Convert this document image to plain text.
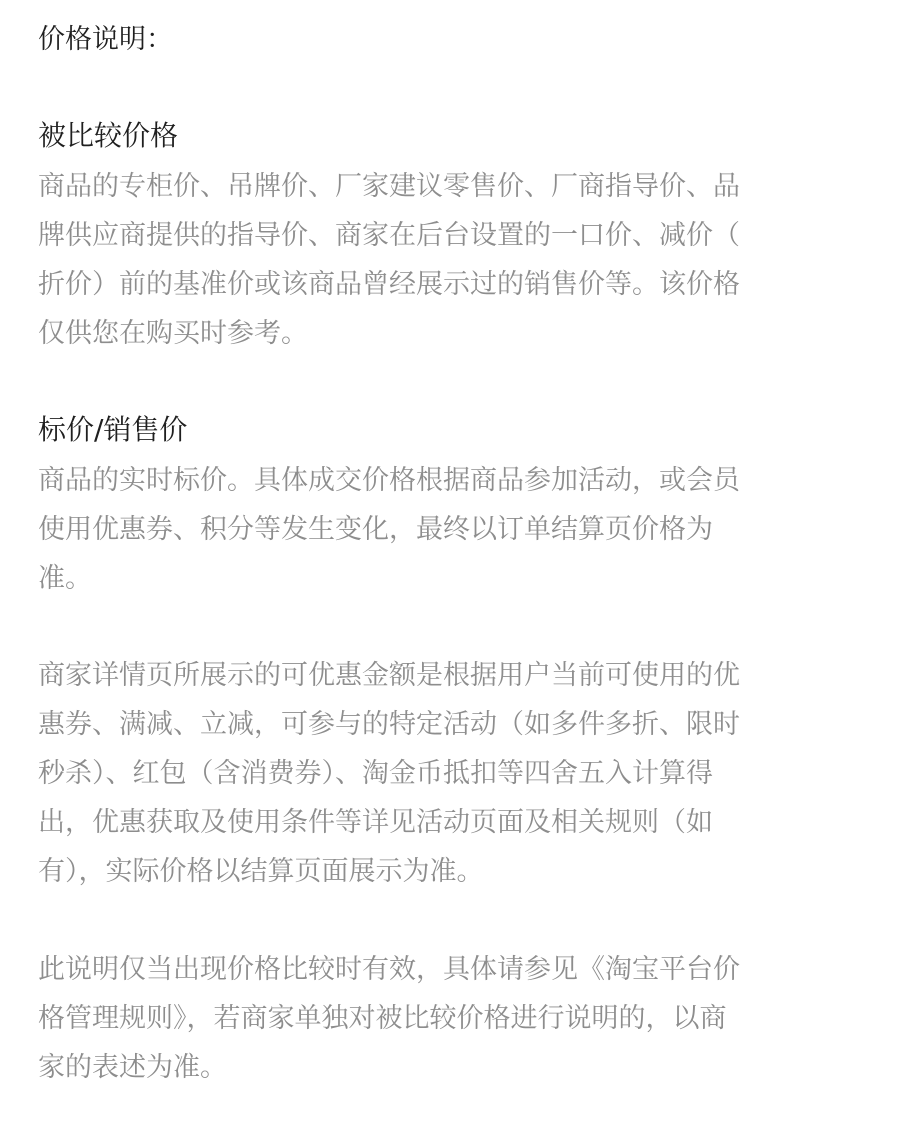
价格说明：
被比较价格
商品的专柜价、吊牌价、厂家建议零售价、厂商指导价、品
牌供应商提供的指导价、商家在后台设置的一口价、减价（
折价）前的基准价或该商品曾经展示过的销售价等。该价格
仅供您在购买时参考。
标价/销售价
商品的实时标价。具体成交价格根据商品参加活动，或会员
使用优惠券、积分等发生变化，最终以订单结算页价格为
准。
商家详情页所展示的可优惠金额是根据用户当前可使用的优
惠券、满减、立减，可参与的特定活动（如多件多折、限时
秒杀）、红包（含消费券）、淘金币抵扣等四舍五入计算得
出，优惠获取及使用条件等详见活动页面及相关规则（如
有），实际价格以结算页面展示为准。
此说明仅当出现价格比较时有效，具体请参见《淘宝平台价
格管理规则》，若商家单独对被比较价格进行说明的，以商
家的表述为准。
